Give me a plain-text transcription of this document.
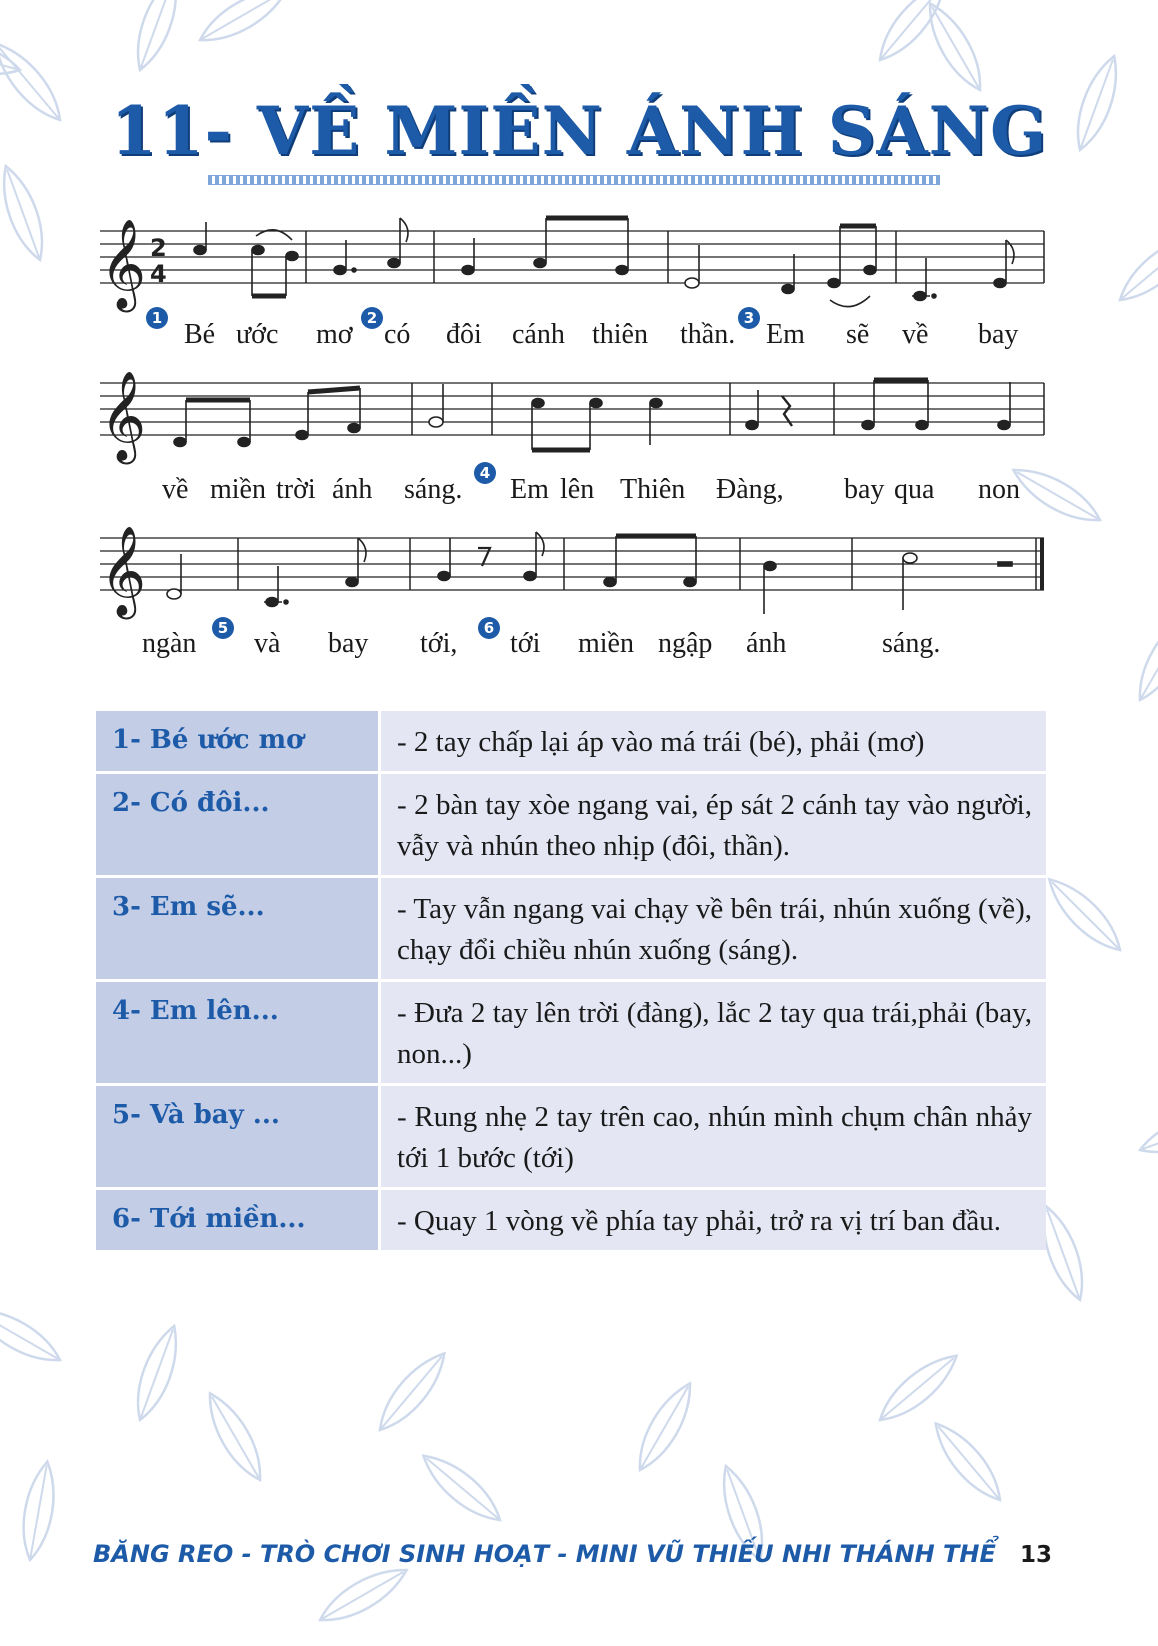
11- VỀ MIỀN ÁNH SÁNG
𝄞
𝄞
𝄞
2
4
1
Bé ước mơ
2
có đôi cánh thiên thần.
3
Em sẽ về bay
về miền trời ánh sáng.
4
Em lên Thiên Đàng, bay qua non
ngàn	5 và bay tới,	6 tới miền ngập ánh	sáng.
1- Bé ước mơ	- 2 tay chấp lại áp vào má trái (bé), phải (mơ)
2- Có đôi...	- 2 bàn tay xòe ngang vai, ép sát 2 cánh tay vào người, vẫy và nhún theo nhịp (đôi, thần).
3- Em sẽ...	- Tay vẫn ngang vai chạy về bên trái, nhún xuống (về), chạy đổi chiều nhún xuống (sáng).
4- Em lên...	- Đưa 2 tay lên trời (đàng), lắc 2 tay qua trái,phải (bay, non...)
5- Và bay ...	- Rung nhẹ 2 tay trên cao, nhún mình chụm chân nhảy tới 1 bước (tới)
6- Tới miền...	- Quay 1 vòng về phía tay phải, trở ra vị trí ban đầu.
BĂNG REO - TRÒ CHƠI SINH HOẠT - MINI VŨ THIẾU NHI THÁNH THỂ 13
